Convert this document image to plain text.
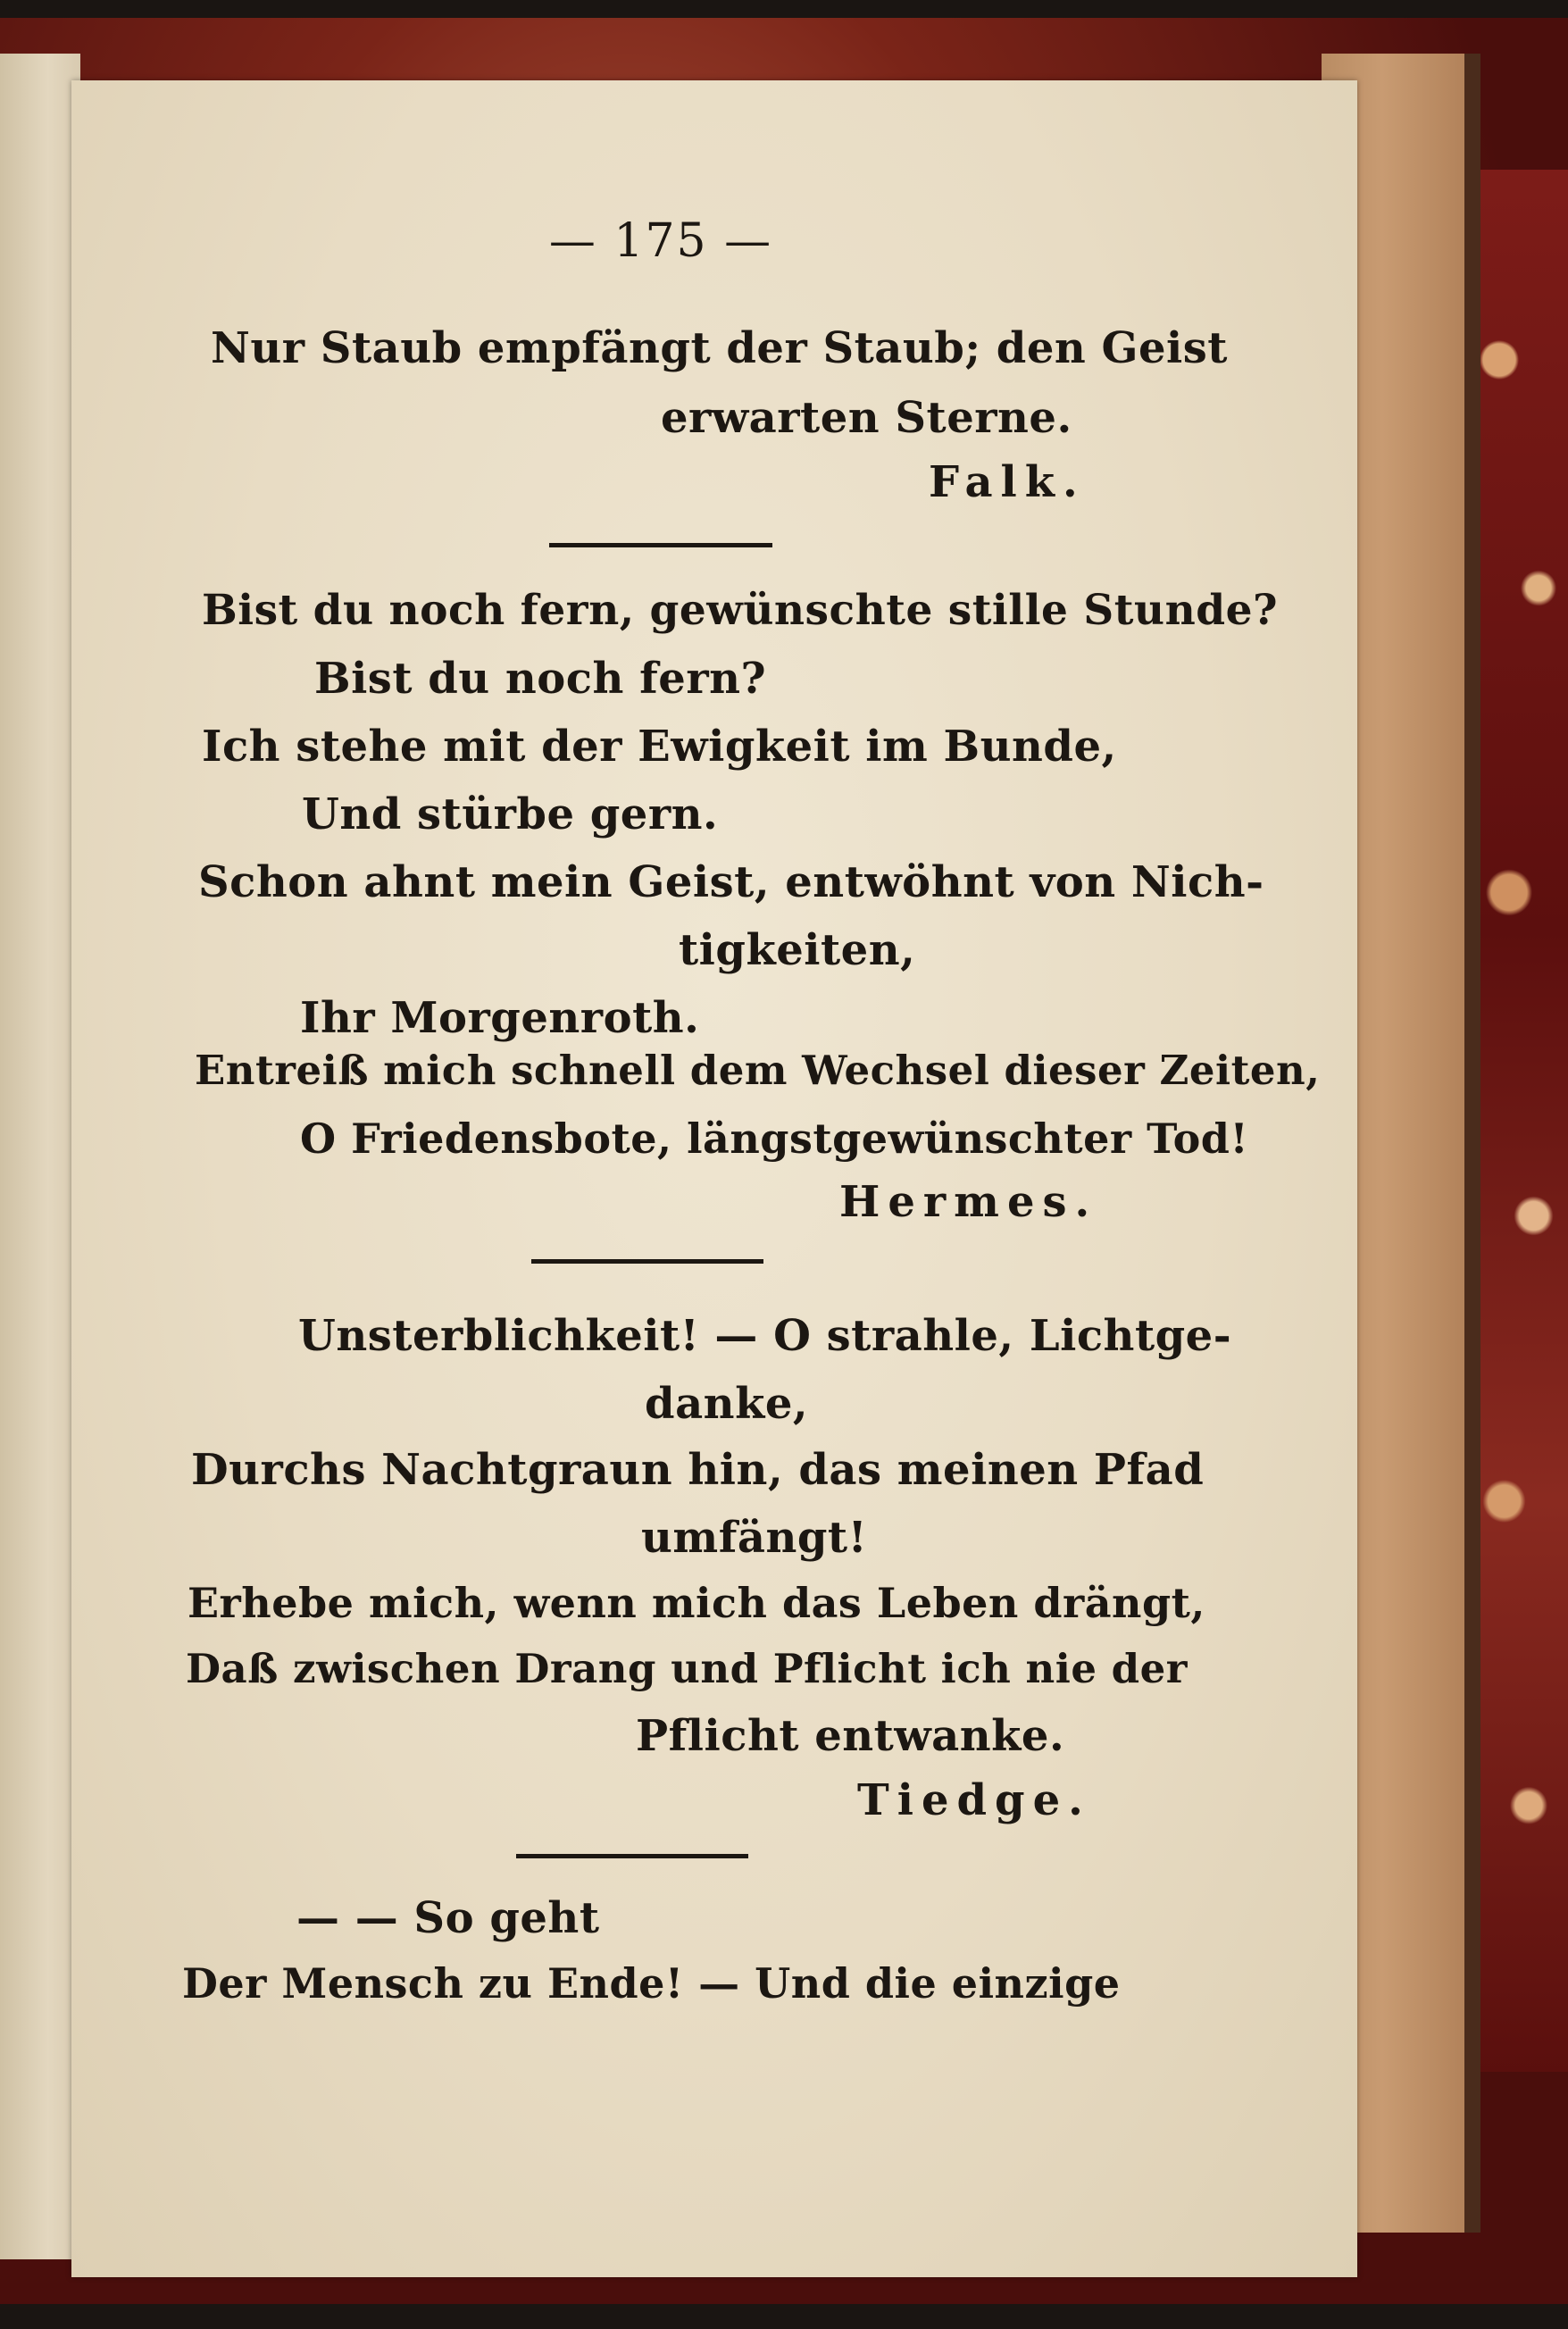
— 175 —
Nur Staub empfängt der Staub; den Geist
erwarten Sterne.
Falk.
Bist du noch fern, gewünschte stille Stunde?
Bist du noch fern?
Ich stehe mit der Ewigkeit im Bunde,
Und stürbe gern.
Schon ahnt mein Geist, entwöhnt von Nich-
tigkeiten,
Ihr Morgenroth.
Entreiß mich schnell dem Wechsel dieser Zeiten,
O Friedensbote, längstgewünschter Tod!
Hermes.
Unsterblichkeit! — O strahle, Lichtge-
danke,
Durchs Nachtgraun hin, das meinen Pfad
umfängt!
Erhebe mich, wenn mich das Leben drängt,
Daß zwischen Drang und Pflicht ich nie der
Pflicht entwanke.
Tiedge.
— — So geht
Der Mensch zu Ende! — Und die einzige
